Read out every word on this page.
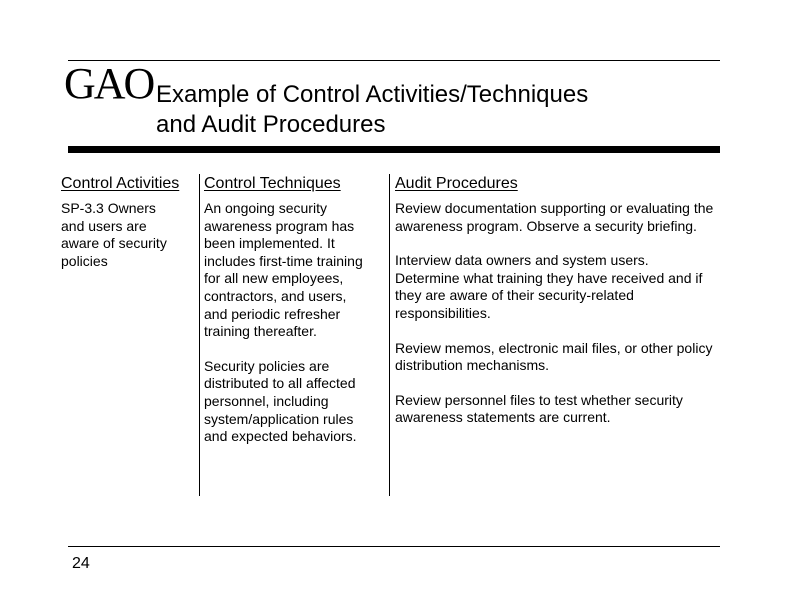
GAO Example of Control Activities/Techniques
and Audit Procedures
Control Activities
SP-3.3 Owners
and users are
aware of security
policies
Control Techniques
An ongoing security
awareness program has
been implemented. It
includes first-time training
for all new employees,
contractors, and users,
and periodic refresher
training thereafter.
Security policies are
distributed to all affected
personnel, including
system/application rules
and expected behaviors.
Audit Procedures
Review documentation supporting or evaluating the
awareness program. Observe a security briefing.
Interview data owners and system users.
Determine what training they have received and if
they are aware of their security-related
responsibilities.
Review memos, electronic mail files, or other policy
distribution mechanisms.
Review personnel files to test whether security
awareness statements are current.
24
